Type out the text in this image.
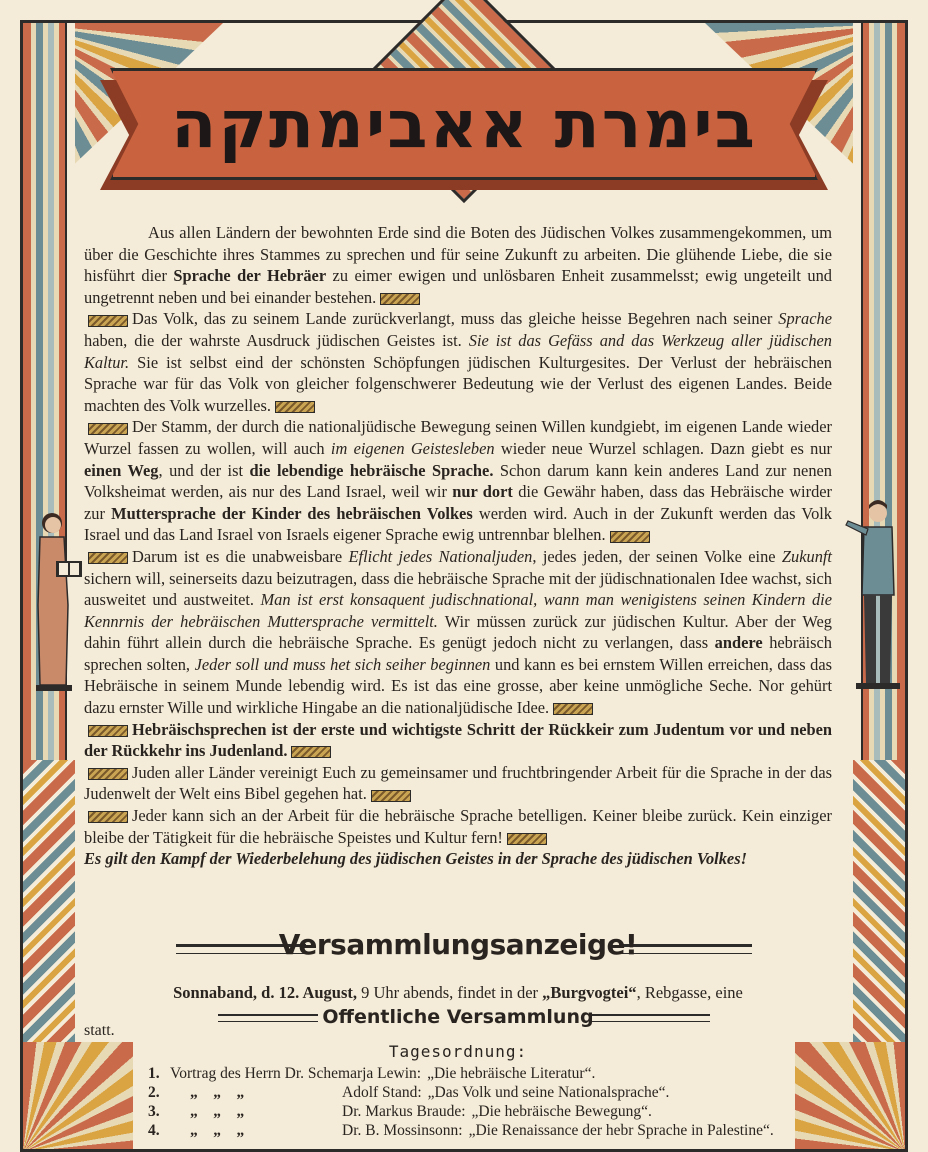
בימרת אאבימתקה

Aus allen Ländern der bewohnten Erde sind die Boten des Jüdischen Volkes zusammengekommen, um über die Geschichte ihres Stammes zu sprechen und für seine Zukunft zu arbeiten. Die glühende Liebe, die sie hisführt dier Sprache der Hebräer zu eimer ewigen und unlösbaren Enheit zusammelsst; ewig ungeteilt und ungetrennt neben und bei einander bestehen.

Das Volk, das zu seinem Lande zurückverlangt, muss das gleiche heisse Begehren nach seiner Sprache haben, die der wahrste Ausdruck jüdischen Geistes ist. Sie ist das Gefäss and das Werkzeug aller jüdischen Kaltur. Sie ist selbst eind der schönsten Schöpfungen jüdischen Kulturgesites. Der Verlust der hebräischen Sprache war für das Volk von gleicher folgenschwerer Bedeutung wie der Verlust des eigenen Landes. Beide machten des Volk wurzelles.

Der Stamm, der durch die nationaljüdische Bewegung seinen Willen kundgiebt, im eigenen Lande wieder Wurzel fassen zu wollen, will auch im eigenen Geistesleben wieder neue Wurzel schlagen. Dazn giebt es nur einen Weg, und der ist die lebendige hebräische Sprache. Schon darum kann kein anderes Land zur nenen Volksheimat werden, ais nur des Land Israel, weil wir nur dort die Gewähr haben, dass das Hebräische wirder zur Muttersprache der Kinder des hebräischen Volkes werden wird. Auch in der Zukunft werden das Volk Israel und das Land Israel von Israels eigener Sprache ewig untrennbar blelhen.

Darum ist es die unabweisbare Eflicht jedes Nationaljuden, jedes jeden, der seinen Volke eine Zukunft sichern will, seinerseits dazu beizutragen, dass die hebräische Sprache mit der jüdischnationalen Idee wachst, sich ausweitet und austweitet. Man ist erst konsaquent judischnational, wann man wenigistens seinen Kindern die Kennrnis der hebräischen Muttersprache vermittelt. Wir müssen zurück zur jüdischen Kultur. Aber der Weg dahin führt allein durch die hebräische Sprache. Es genügt jedoch nicht zu verlangen, dass andere hebräisch sprechen solten, Jeder soll und muss het sich seiher beginnen und kann es bei ernstem Willen erreichen, dass das Hebräische in seinem Munde lebendig wird. Es ist das eine grosse, aber keine unmögliche Seche. Nor gehürt dazu ernster Wille und wirkliche Hingabe an die nationaljüdische Idee.

Hebräischsprechen ist der erste und wichtigste Schritt der Rückkeir zum Judentum vor und neben der Rückkehr ins Judenland.

Juden aller Länder vereinigt Euch zu gemeinsamer und fruchtbringender Arbeit für die Sprache in der das Judenwelt der Welt eins Bibel gegehen hat.

Jeder kann sich an der Arbeit für die hebräische Sprache betelligen. Keiner bleibe zurück. Kein einziger bleibe der Tätigkeit für die hebräische Speistes und Kultur fern!

Es gilt den Kampf der Wiederbelehung des jüdischen Geistes in der Sprache des jüdischen Volkes!

Versammlungsanzeige!
Sonnaband, d. 12. August, 9 Uhr abends, findet in der „Burgvogtei“, Rebgasse, eine
Offentliche Versammlung
statt.
Tagesordnung:
1. Vortrag des Herrn Dr. Schemarja Lewin: „Die hebräische Literatur“.
2.	„    „    „	Adolf Stand: „Das Volk und seine Nationalsprache“.
3.	„    „    „	Dr. Markus Braude: „Die hebräische Bewegung“.
4.	„    „    „	Dr. B. Mossinsonn: „Die Renaissance der hebr Sprache in Palestine“.
